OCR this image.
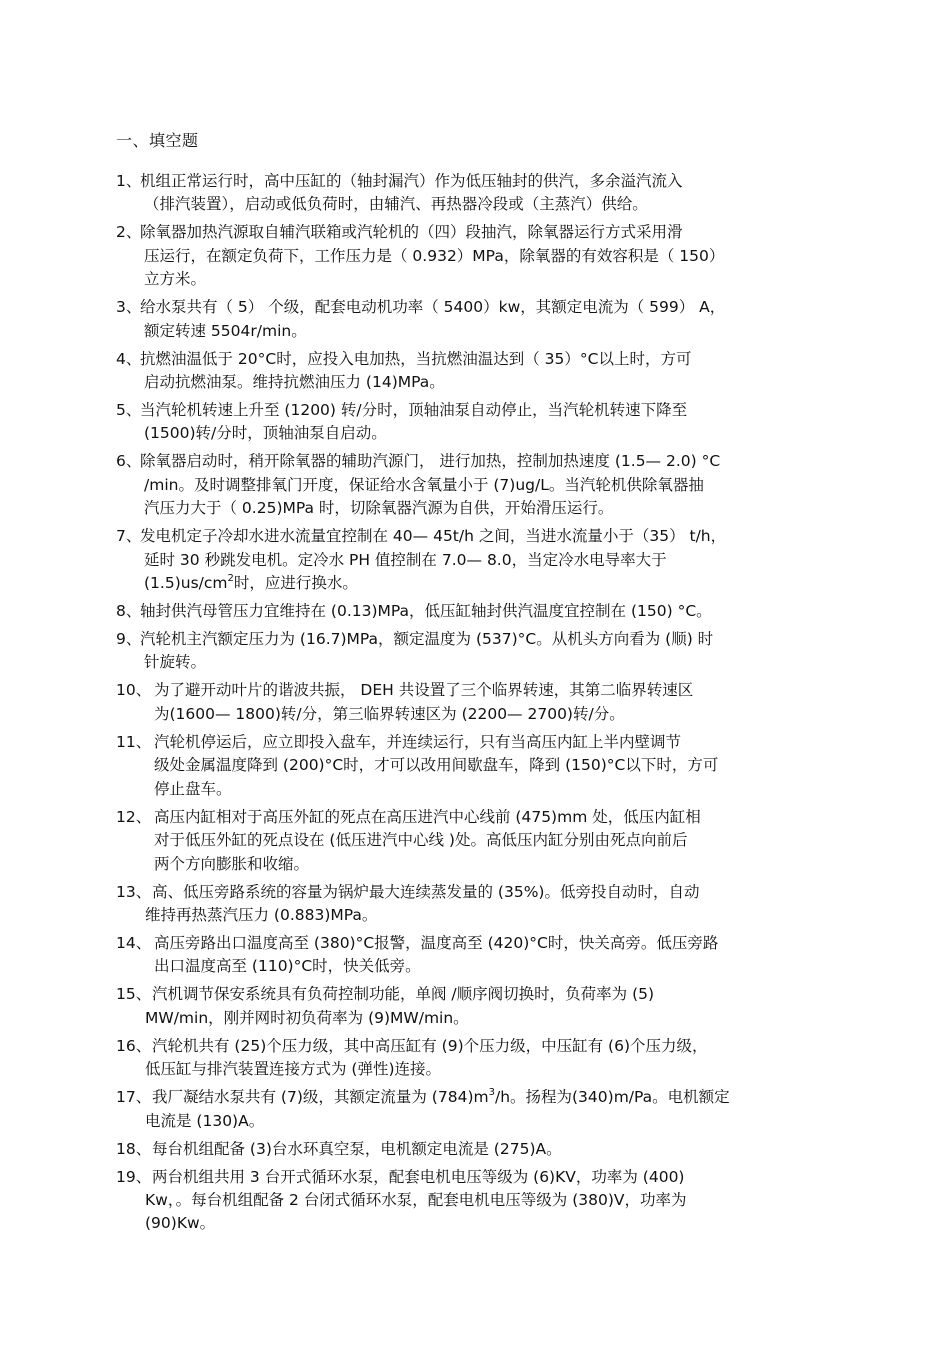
一、填空题
1、
机组正常运行时，高中压缸的（轴封漏汽）作为低压轴封的供汽，多余溢汽流入
（排汽装置），启动或低负荷时，由辅汽、再热器冷段或（主蒸汽）供给。
2、
除氧器加热汽源取自辅汽联箱或汽轮机的（四）段抽汽，除氧器运行方式采用滑
压运行，在额定负荷下，工作压力是（ 0.932）MPa，除氧器的有效容积是（ 150）
立方米。
3、
给水泵共有（ 5） 个级，配套电动机功率（ 5400）kw，其额定电流为（ 599） A，
额定转速 5504r/min。
4、
抗燃油温低于 20°C时，应投入电加热，当抗燃油温达到（ 35）°C以上时，方可
启动抗燃油泵。维持抗燃油压力 (14)MPa。
5、
当汽轮机转速上升至 (1200) 转/分时，顶轴油泵自动停止，当汽轮机转速下降至
(1500)转/分时，顶轴油泵自启动。
6、
除氧器启动时，稍开除氧器的辅助汽源门， 进行加热，控制加热速度 (1.5— 2.0) °C
/min。及时调整排氧门开度，保证给水含氧量小于 (7)ug/L。当汽轮机供除氧器抽
汽压力大于（ 0.25)MPa 时，切除氧器汽源为自供，开始滑压运行。
7、
发电机定子冷却水进水流量宜控制在 40— 45t/h 之间，当进水流量小于（35） t/h，
延时 30 秒跳发电机。定冷水 PH 值控制在 7.0— 8.0，当定冷水电导率大于
$(1.5)us/cm^2$时，应进行换水。
8、
轴封供汽母管压力宜维持在 (0.13)MPa，低压缸轴封供汽温度宜控制在 (150) °C。
9、
汽轮机主汽额定压力为 (16.7)MPa，额定温度为 (537)°C。从机头方向看为 (顺) 时
针旋转。
10、 为了避开动叶片的谐波共振， DEH 共设置了三个临界转速，其第二临界转速区
为(1600— 1800)转/分，第三临界转速区为 (2200— 2700)转/分。
11、 汽轮机停运后，应立即投入盘车，并连续运行，只有当高压内缸上半内壁调节
级处金属温度降到 (200)°C时，才可以改用间歇盘车，降到 (150)°C以下时，方可
停止盘车。
12、 高压内缸相对于高压外缸的死点在高压进汽中心线前 (475)mm 处，低压内缸相
对于低压外缸的死点设在 (低压进汽中心线 )处。高低压内缸分别由死点向前后
两个方向膨胀和收缩。
13、 高、低压旁路系统的容量为锅炉最大连续蒸发量的 (35%)。低旁投自动时，自动
维持再热蒸汽压力 (0.883)MPa。
14、 高压旁路出口温度高至 (380)°C报警，温度高至 (420)°C时，快关高旁。低压旁路
出口温度高至 (110)°C时，快关低旁。
15、 汽机调节保安系统具有负荷控制功能，单阀 /顺序阀切换时，负荷率为 (5)
MW/min，刚并网时初负荷率为 (9)MW/min。
16、 汽轮机共有 (25)个压力级，其中高压缸有 (9)个压力级，中压缸有 (6)个压力级，
低压缸与排汽装置连接方式为 (弹性)连接。
17、 我厂凝结水泵共有 (7)级，其额定流量为 $(784)m^3/h$。扬程为(340)m/Pa。电机额定
电流是 (130)A。
18、 每台机组配备 (3)台水环真空泵，电机额定电流是 (275)A。
19、 两台机组共用 3 台开式循环水泵，配套电机电压等级为 (6)KV，功率为 (400)
Kw，。每台机组配备 2 台闭式循环水泵，配套电机电压等级为 (380)V，功率为
(90)Kw。
